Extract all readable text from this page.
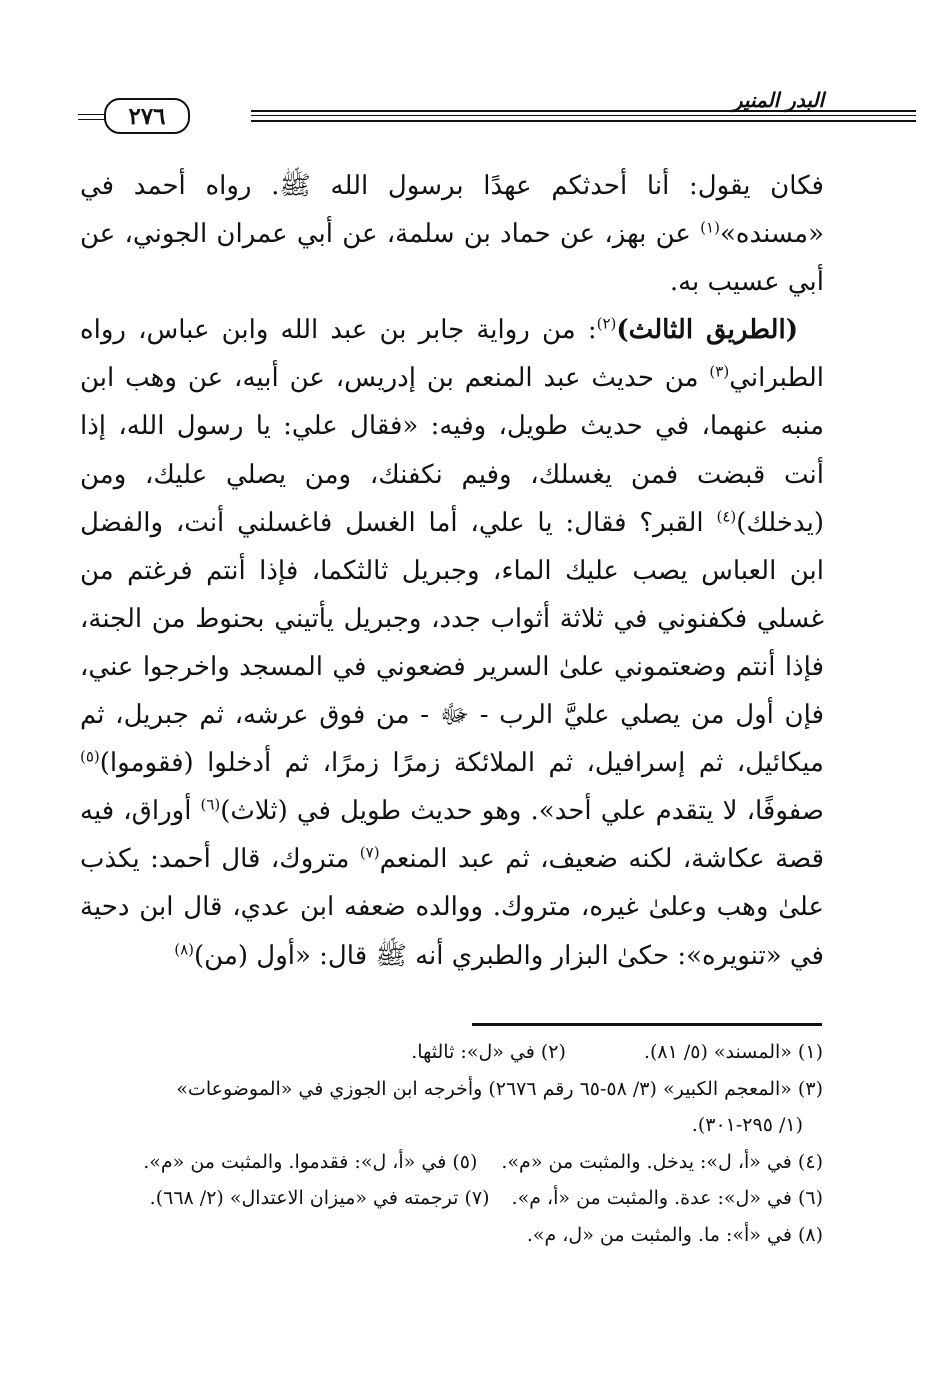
البدر المنير
٢٧٦

فكان يقول: أنا أحدثكم عهدًا برسول الله ﷺ. رواه أحمد في «مسنده»$^{(١)}$ عن بهز، عن حماد بن سلمة، عن أبي عمران الجوني، عن أبي عسيب به.

 (الطريق الثالث)$^{(٢)}$: من رواية جابر بن عبد الله وابن عباس، رواه الطبراني$^{(٣)}$ من حديث عبد المنعم بن إدريس، عن أبيه، عن وهب ابن منبه عنهما، في حديث طويل، وفيه: «فقال علي: يا رسول الله، إذا أنت قبضت فمن يغسلك، وفيم نكفنك، ومن يصلي عليك، ومن (يدخلك)$^{(٤)}$ القبر؟ فقال: يا علي، أما الغسل فاغسلني أنت، والفضل ابن العباس يصب عليك الماء، وجبريل ثالثكما، فإذا أنتم فرغتم من غسلي فكفنوني في ثلاثة أثواب جدد، وجبريل يأتيني بحنوط من الجنة، فإذا أنتم وضعتموني علىٰ السرير فضعوني في المسجد واخرجوا عني، فإن أول من يصلي عليَّ الرب - ﷻ - من فوق عرشه، ثم جبريل، ثم ميكائيل، ثم إسرافيل، ثم الملائكة زمرًا زمرًا، ثم أدخلوا (فقوموا)$^{(٥)}$ صفوفًا، لا يتقدم علي أحد». وهو حديث طويل في (ثلاث)$^{(٦)}$ أوراق، فيه قصة عكاشة، لكنه ضعيف، ثم عبد المنعم$^{(٧)}$ متروك، قال أحمد: يكذب علىٰ وهب وعلىٰ غيره، متروك. ووالده ضعفه ابن عدي، قال ابن دحية في «تنويره»: حكىٰ البزار والطبري أنه ﷺ قال: «أول (من)$^{(٨)}$

(١) «المسند» (٥/ ٨١).
(٢) في «ل»: ثالثها.
(٣) «المعجم الكبير» (٣/ ٥٨-٦٥ رقم ٢٦٧٦) وأخرجه ابن الجوزي في «الموضوعات»
(١/ ٢٩٥-٣٠١).
(٤) في «أ، ل»: يدخل. والمثبت من «م».
(٥) في «أ، ل»: فقدموا. والمثبت من «م».
(٦) في «ل»: عدة. والمثبت من «أ، م».
(٧) ترجمته في «ميزان الاعتدال» (٢/ ٦٦٨).
(٨) في «أ»: ما. والمثبت من «ل، م».
